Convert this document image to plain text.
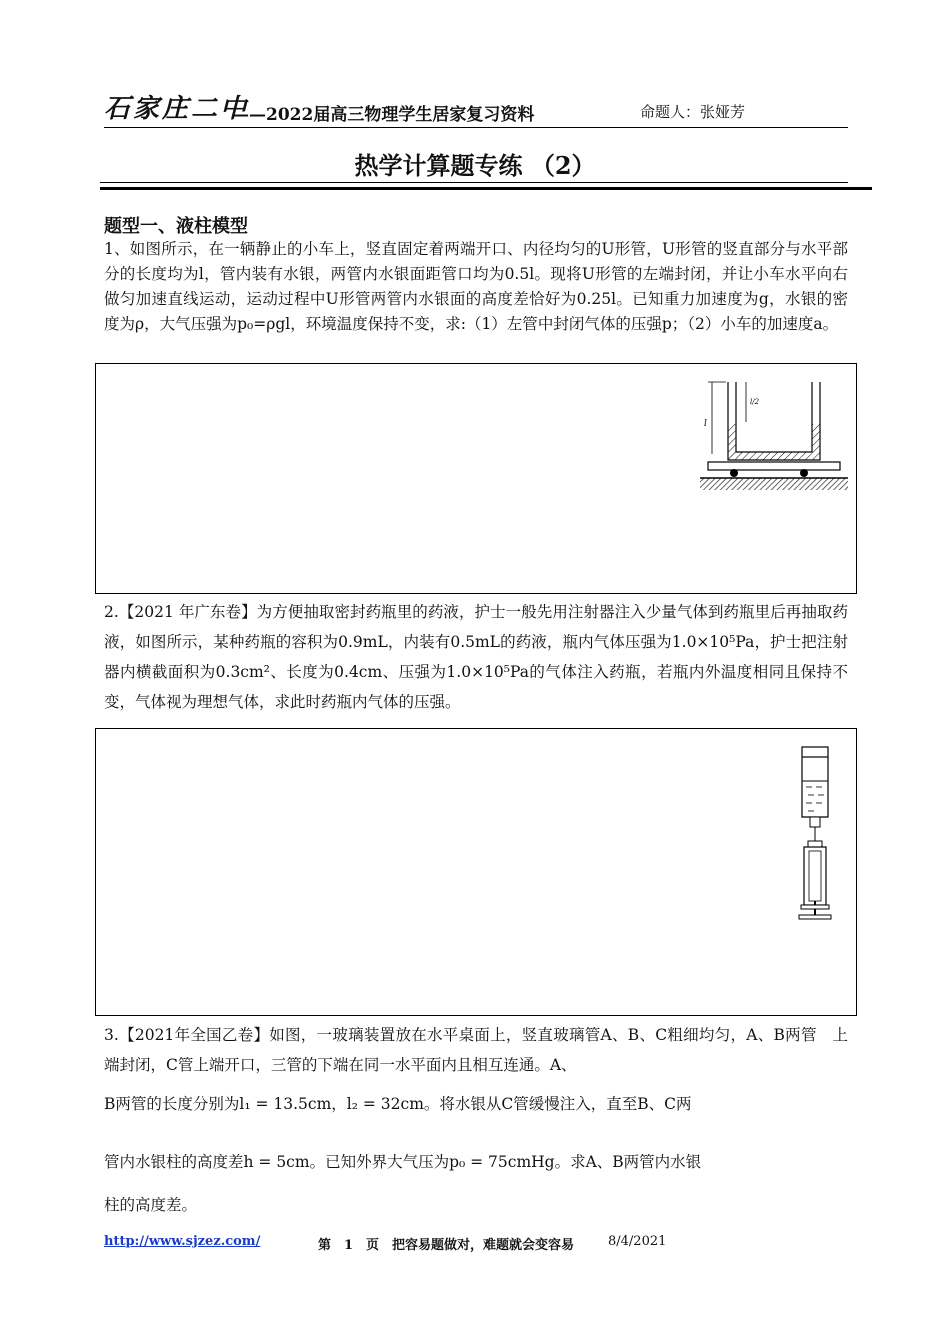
石家庄二中
——2022届高三物理学生居家复习资料	命题人：张娅芳
热学计算题专练 （2）
题型一、液柱模型
1、如图所示，在一辆静止的小车上，竖直固定着两端开口、内径均匀的U形管，U形管的竖直部分与水平部分的长度均为l，管内装有水银，两管内水银面距管口均为0.5l。现将U形管的左端封闭，并让小车水平向右做匀加速直线运动，运动过程中U形管两管内水银面的高度差恰好为0.25l。已知重力加速度为g，水银的密度为ρ，大气压强为p₀=ρgl，环境温度保持不变，求:（1）左管中封闭气体的压强p；（2）小车的加速度a。
l
l/2
2.【2021 年广东卷】为方便抽取密封药瓶里的药液，护士一般先用注射器注入少量气体到药瓶里后再抽取药液，如图所示，某种药瓶的容积为0.9mL，内装有0.5mL的药液，瓶内气体压强为1.0×10⁵Pa，护士把注射器内横截面积为0.3cm²、长度为0.4cm、压强为1.0×10⁵Pa的气体注入药瓶，若瓶内外温度相同且保持不变，气体视为理想气体，求此时药瓶内气体的压强。
3.【2021年全国乙卷】如图，一玻璃装置放在水平桌面上，竖直玻璃管A、B、C粗细均匀，A、B两管　上端封闭，C管上端开口，三管的下端在同一水平面内且相互连通。A、
B两管的长度分别为l₁ = 13.5cm，l₂ = 32cm。将水银从C管缓慢注入，直至B、C两
管内水银柱的高度差h = 5cm。已知外界大气压为p₀ = 75cmHg。求A、B两管内水银
柱的高度差。
http://www.sjzez.com/	第　1　页　把容易题做对，难题就会变容易	8/4/2021
